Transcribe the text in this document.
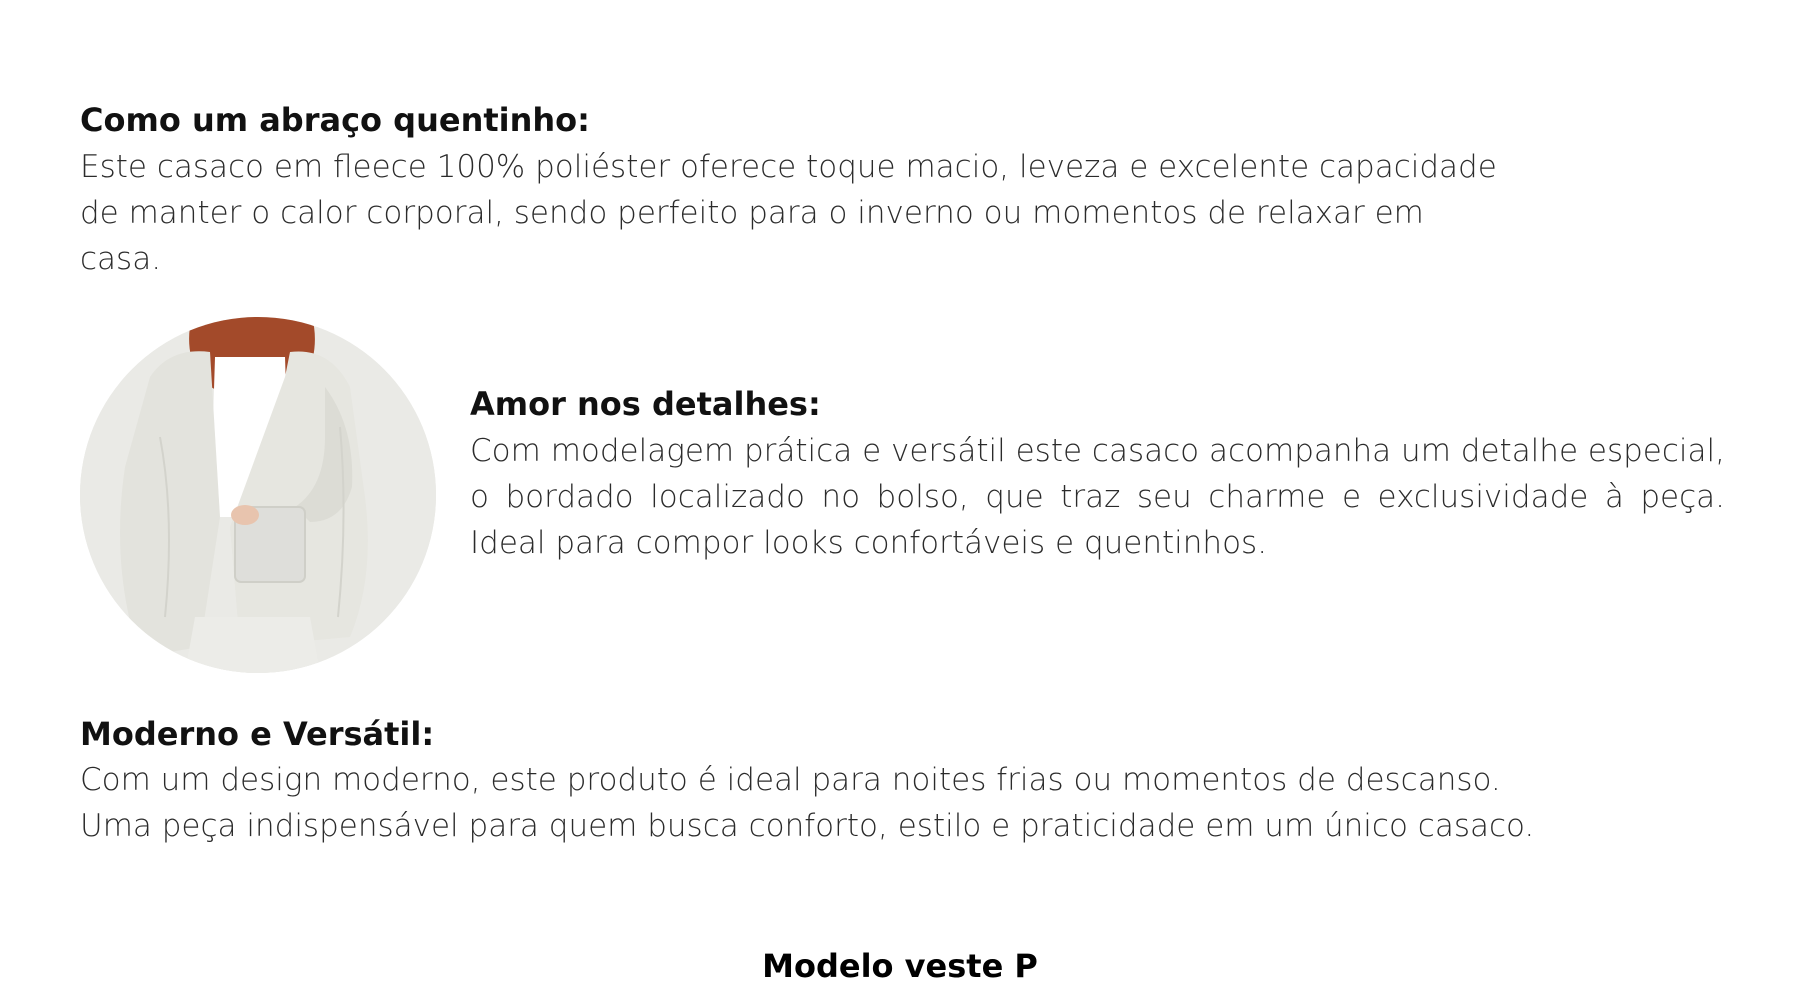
Como um abraço quentinho:

Este casaco em fleece 100% poliéster oferece toque macio, leveza e excelente capacidade
de manter o calor corporal, sendo perfeito para o inverno ou momentos de relaxar em
casa.

Amor nos detalhes:

Com modelagem prática e versátil este casaco acompanha um detalhe especial, o bordado localizado no bolso, que traz seu charme e exclusividade à peça. Ideal para compor looks confortáveis e quentinhos.

Moderno e Versátil:

Com um design moderno, este produto é ideal para noites frias ou momentos de descanso.
Uma peça indispensável para quem busca conforto, estilo e praticidade em um único casaco.

Modelo veste P
